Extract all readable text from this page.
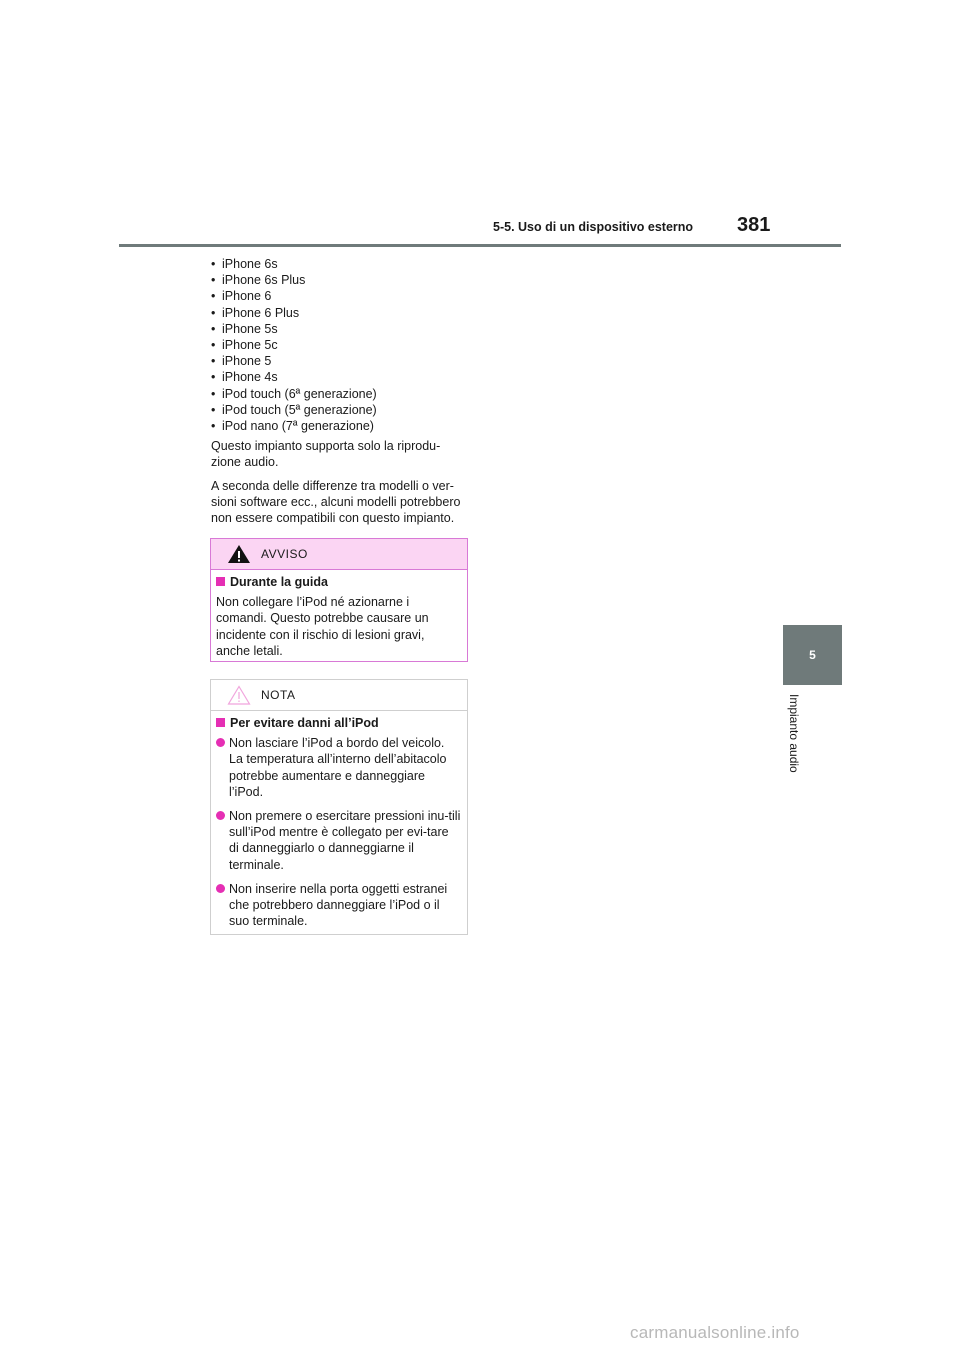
5-5. Uso di un dispositivo esterno 381
5
Impianto audio
• iPhone 6s
• iPhone 6s Plus
• iPhone 6
• iPhone 6 Plus
• iPhone 5s
• iPhone 5c
• iPhone 5
• iPhone 4s
• iPod touch (6ª generazione)
• iPod touch (5ª generazione)
• iPod nano (7ª generazione)

Questo impianto supporta solo la riprodu-zione audio.

A seconda delle differenze tra modelli o ver-sioni software ecc., alcuni modelli potrebbero non essere compatibili con questo impianto.

AVVISO
Durante la guida

Non collegare l’iPod né azionarne i comandi. Questo potrebbe causare un incidente con il rischio di lesioni gravi, anche letali.

NOTA
Per evitare danni all’iPod
Non lasciare l’iPod a bordo del veicolo. La temperatura all’interno dell’abitacolo potrebbe aumentare e danneggiare l’iPod.
Non premere o esercitare pressioni inu-tili sull’iPod mentre è collegato per evi-tare di danneggiarlo o danneggiarne il terminale.
Non inserire nella porta oggetti estranei che potrebbero danneggiare l’iPod o il suo terminale.
carmanualsonline.info
